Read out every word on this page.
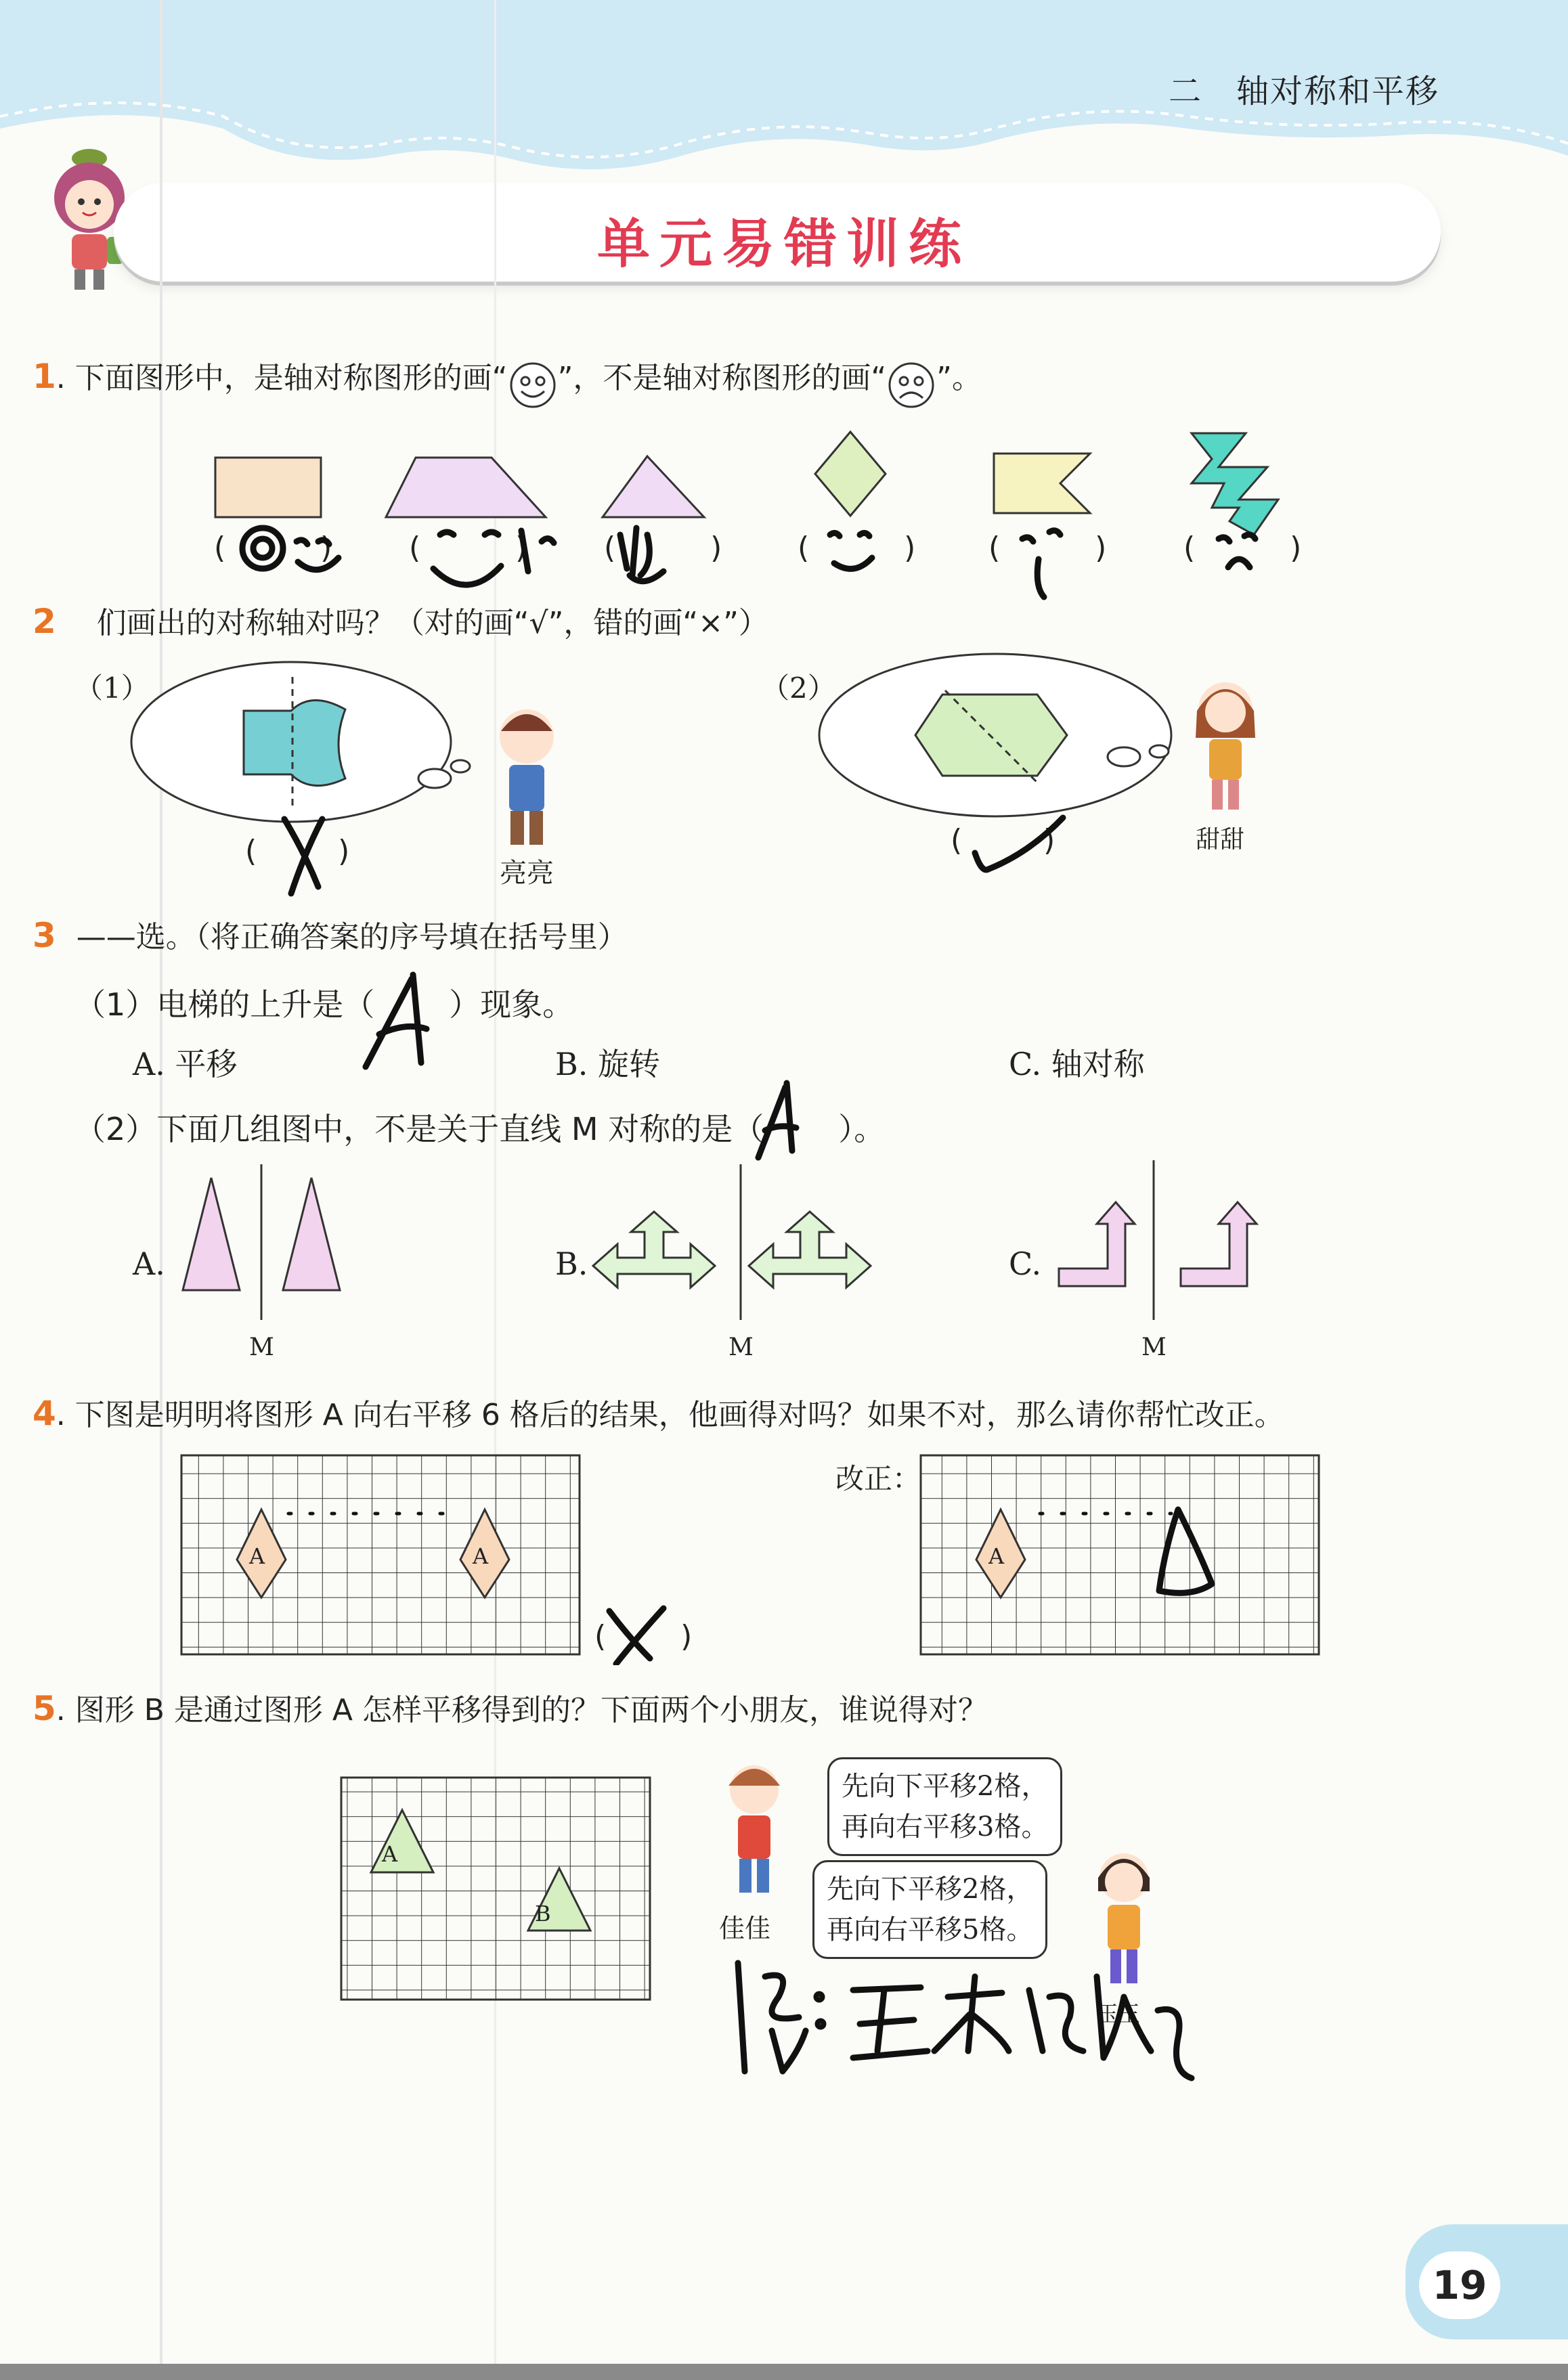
二　轴对称和平移
单元易错训练
1. 下面图形中，是轴对称图形的画“ ”，不是轴对称图形的画“ ”。
(	)	(	)	(	)	(	) (	)	(	)
2 们画出的对称轴对吗？（对的画“√”，错的画“×”）
（1）	（2）
亮亮
甜甜
(	)	(	)
3 ——选。（将正确答案的序号填在括号里）
（1）电梯的上升是（ ）现象。
A. 平移	B. 旋转	C. 轴对称
（2）下面几组图中，不是关于直线 M 对称的是（ ）。
A.	B.	C.
M	M	M
4. 下图是明明将图形 A 向右平移 6 格后的结果，他画得对吗？如果不对，那么请你帮忙改正。
A	A	A
改正：
(	)
5. 图形 B 是通过图形 A 怎样平移得到的？下面两个小朋友，谁说得对？
A
B	佳佳
先向下平移2格，
再向右平移3格。
先向下平移2格，
再向右平移5格。
玉玉
19
